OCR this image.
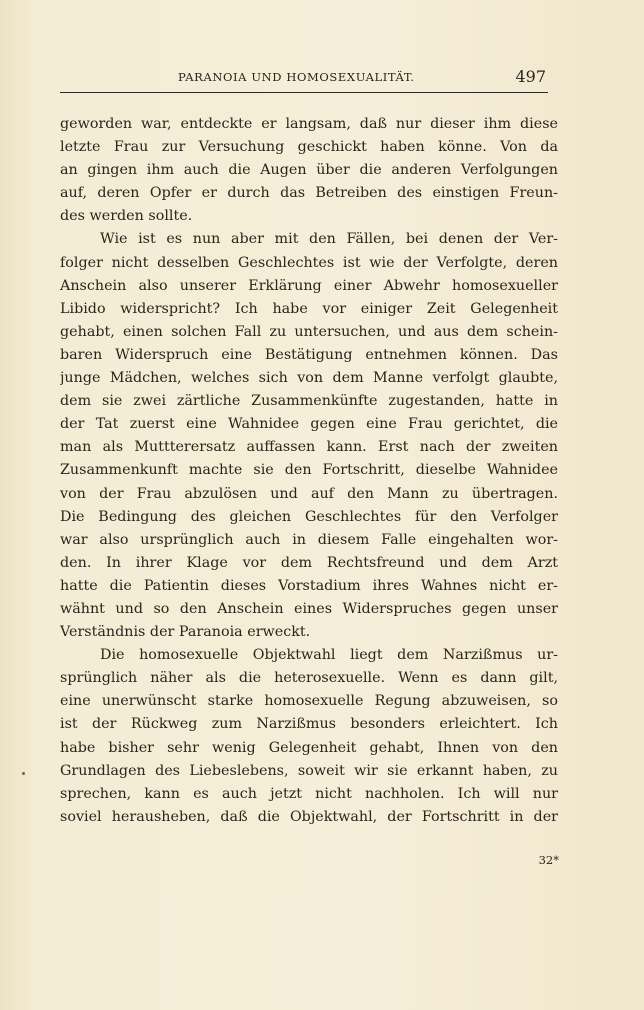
PARANOIA UND HOMOSEXUALITÄT.	497
geworden war, entdeckte er langsam, daß nur dieser ihm diese
letzte Frau zur Versuchung geschickt haben könne. Von da
an gingen ihm auch die Augen über die anderen Verfolgungen
auf, deren Opfer er durch das Betreiben des einstigen Freun-
des werden sollte.
Wie ist es nun aber mit den Fällen, bei denen der Ver-
folger nicht desselben Geschlechtes ist wie der Verfolgte, deren
Anschein also unserer Erklärung einer Abwehr homosexueller
Libido widerspricht? Ich habe vor einiger Zeit Gelegenheit
gehabt, einen solchen Fall zu untersuchen, und aus dem schein-
baren Widerspruch eine Bestätigung entnehmen können. Das
junge Mädchen, welches sich von dem Manne verfolgt glaubte,
dem sie zwei zärtliche Zusammenkünfte zugestanden, hatte in
der Tat zuerst eine Wahnidee gegen eine Frau gerichtet, die
man als Muttterersatz auffassen kann. Erst nach der zweiten
Zusammenkunft machte sie den Fortschritt, dieselbe Wahnidee
von der Frau abzulösen und auf den Mann zu übertragen.
Die Bedingung des gleichen Geschlechtes für den Verfolger
war also ursprünglich auch in diesem Falle eingehalten wor-
den. In ihrer Klage vor dem Rechtsfreund und dem Arzt
hatte die Patientin dieses Vorstadium ihres Wahnes nicht er-
wähnt und so den Anschein eines Widerspruches gegen unser
Verständnis der Paranoia erweckt.
Die homosexuelle Objektwahl liegt dem Narzißmus ur-
sprünglich näher als die heterosexuelle. Wenn es dann gilt,
eine unerwünscht starke homosexuelle Regung abzuweisen, so
ist der Rückweg zum Narzißmus besonders erleichtert. Ich
habe bisher sehr wenig Gelegenheit gehabt, Ihnen von den
Grundlagen des Liebeslebens, soweit wir sie erkannt haben, zu
sprechen, kann es auch jetzt nicht nachholen. Ich will nur
soviel herausheben, daß die Objektwahl, der Fortschritt in der
32*
